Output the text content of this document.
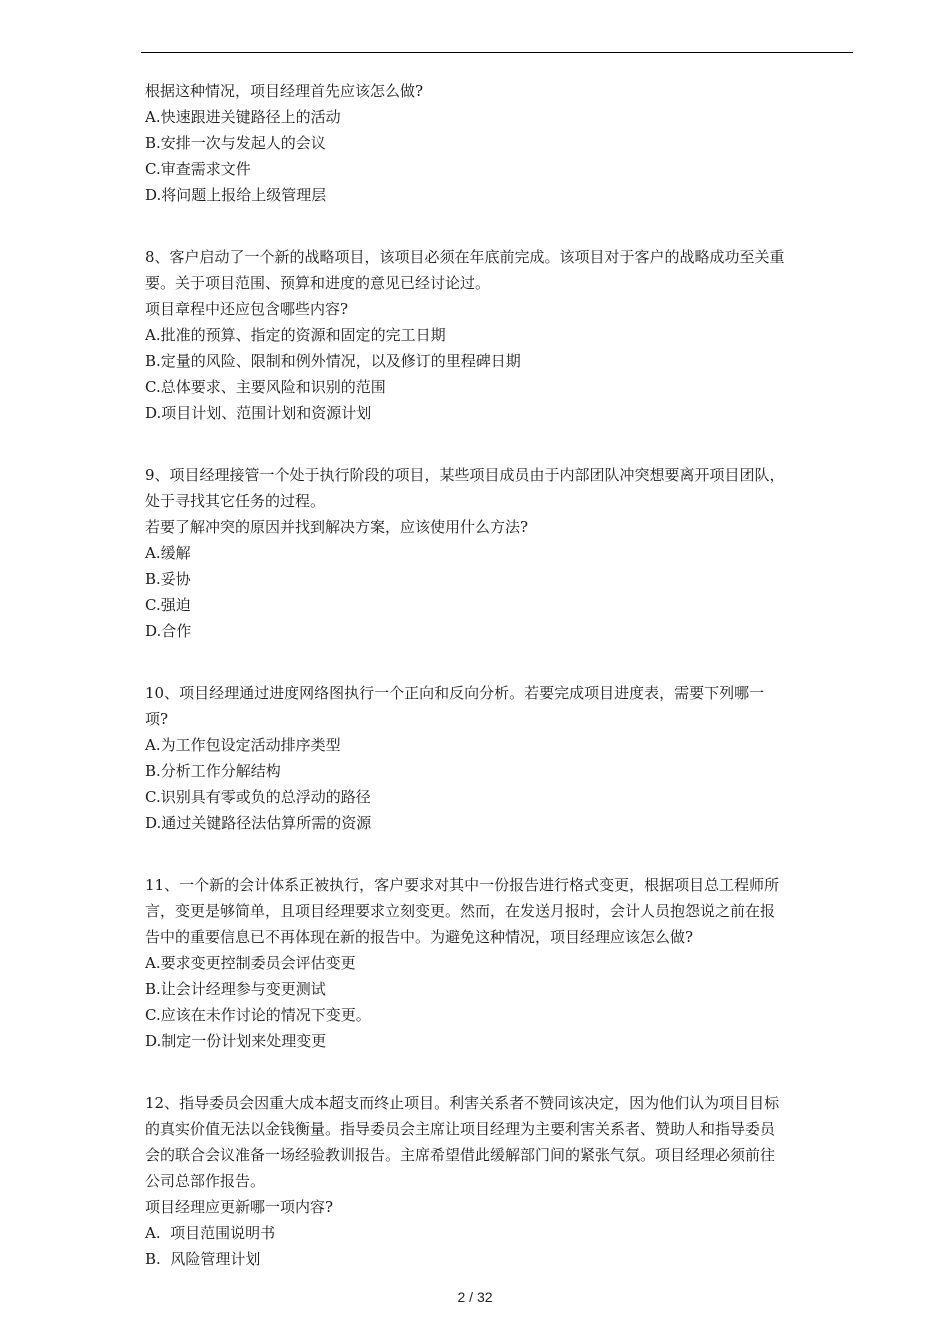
根据这种情况，项目经理首先应该怎么做?
A.快速跟进关键路径上的活动
B.安排一次与发起人的会议
C.审查需求文件
D.将问题上报给上级管理层
8、客户启动了一个新的战略项目，该项目必须在年底前完成。该项目对于客户的战略成功至关重
要。关于项目范围、预算和进度的意见已经讨论过。
项目章程中还应包含哪些内容?
A.批准的预算、指定的资源和固定的完工日期
B.定量的风险、限制和例外情况，以及修订的里程碑日期
C.总体要求、主要风险和识别的范围
D.项目计划、范围计划和资源计划
9、项目经理接管一个处于执行阶段的项目，某些项目成员由于内部团队冲突想要离开项目团队，
处于寻找其它任务的过程。
若要了解冲突的原因并找到解决方案，应该使用什么方法?
A.缓解
B.妥协
C.强迫
D.合作
10、项目经理通过进度网络图执行一个正向和反向分析。若要完成项目进度表，需要下列哪一
项?
A.为工作包设定活动排序类型
B.分析工作分解结构
C.识别具有零或负的总浮动的路径
D.通过关键路径法估算所需的资源
11、一个新的会计体系正被执行，客户要求对其中一份报告进行格式变更，根据项目总工程师所
言，变更是够简单，且项目经理要求立刻变更。然而，在发送月报时，会计人员抱怨说之前在报
告中的重要信息已不再体现在新的报告中。为避免这种情况，项目经理应该怎么做?
A.要求变更控制委员会评估变更
B.让会计经理参与变更测试
C.应该在未作讨论的情况下变更。
D.制定一份计划来处理变更
12、指导委员会因重大成本超支而终止项目。利害关系者不赞同该决定，因为他们认为项目目标
的真实价值无法以金钱衡量。指导委员会主席让项目经理为主要利害关系者、赞助人和指导委员
会的联合会议准备一场经验教训报告。主席希望借此缓解部门间的紧张气氛。项目经理必须前往
公司总部作报告。
项目经理应更新哪一项内容?
A.  项目范围说明书
B.  风险管理计划
2 / 32
